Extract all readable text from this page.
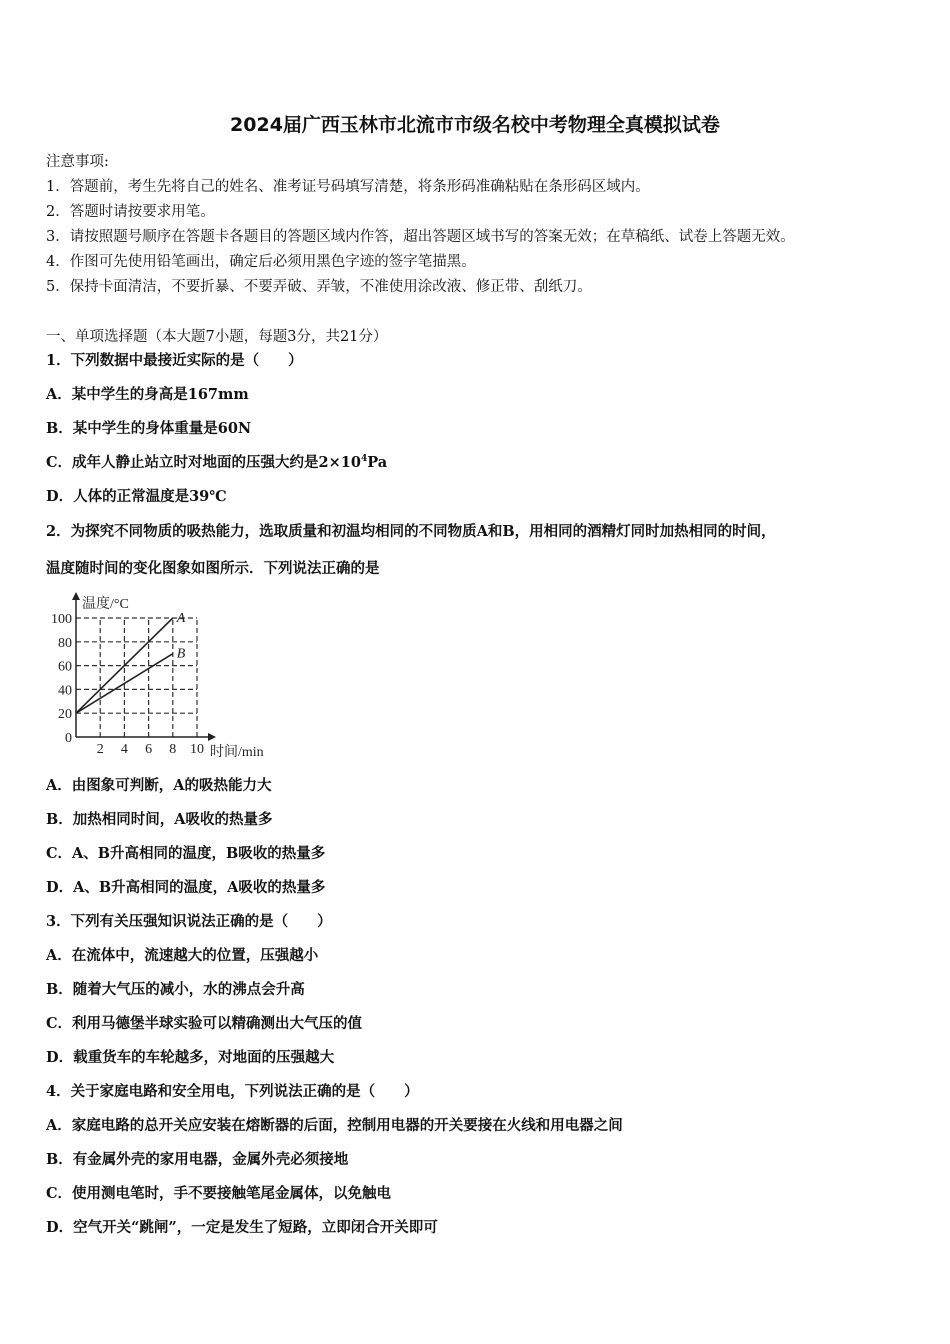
2024届广西玉林市北流市市级名校中考物理全真模拟试卷
注意事项:
1．答题前，考生先将自己的姓名、准考证号码填写清楚，将条形码准确粘贴在条形码区域内。
2．答题时请按要求用笔。
3．请按照题号顺序在答题卡各题目的答题区域内作答，超出答题区域书写的答案无效；在草稿纸、试卷上答题无效。
4．作图可先使用铅笔画出，确定后必须用黑色字迹的签字笔描黑。
5．保持卡面清洁，不要折暴、不要弄破、弄皱，不准使用涂改液、修正带、刮纸刀。
一、单项选择题（本大题7小题，每题3分，共21分）
1．下列数据中最接近实际的是（　　）
A．某中学生的身高是167mm
B．某中学生的身体重量是60N
C．成年人静止站立时对地面的压强大约是$2\times 10^4Pa$
D．人体的正常温度是39℃
2．为探究不同物质的吸热能力，选取质量和初温均相同的不同物质A和B，用相同的酒精灯同时加热相同的时间，
温度随时间的变化图象如图所示．下列说法正确的是
2 4 6 8 10
0
20
40
60
80
100
温度/°C
时间/min
A
B
A．由图象可判断，A的吸热能力大
B．加热相同时间，A吸收的热量多
C．A、B升高相同的温度，B吸收的热量多
D．A、B升高相同的温度，A吸收的热量多
3．下列有关压强知识说法正确的是（　　）
A．在流体中，流速越大的位置，压强越小
B．随着大气压的减小，水的沸点会升高
C．利用马德堡半球实验可以精确测出大气压的值
D．载重货车的车轮越多，对地面的压强越大
4．关于家庭电路和安全用电，下列说法正确的是（　　）
A．家庭电路的总开关应安装在熔断器的后面，控制用电器的开关要接在火线和用电器之间
B．有金属外壳的家用电器，金属外壳必须接地
C．使用测电笔时，手不要接触笔尾金属体，以免触电
D．空气开关“跳闸”，一定是发生了短路，立即闭合开关即可
